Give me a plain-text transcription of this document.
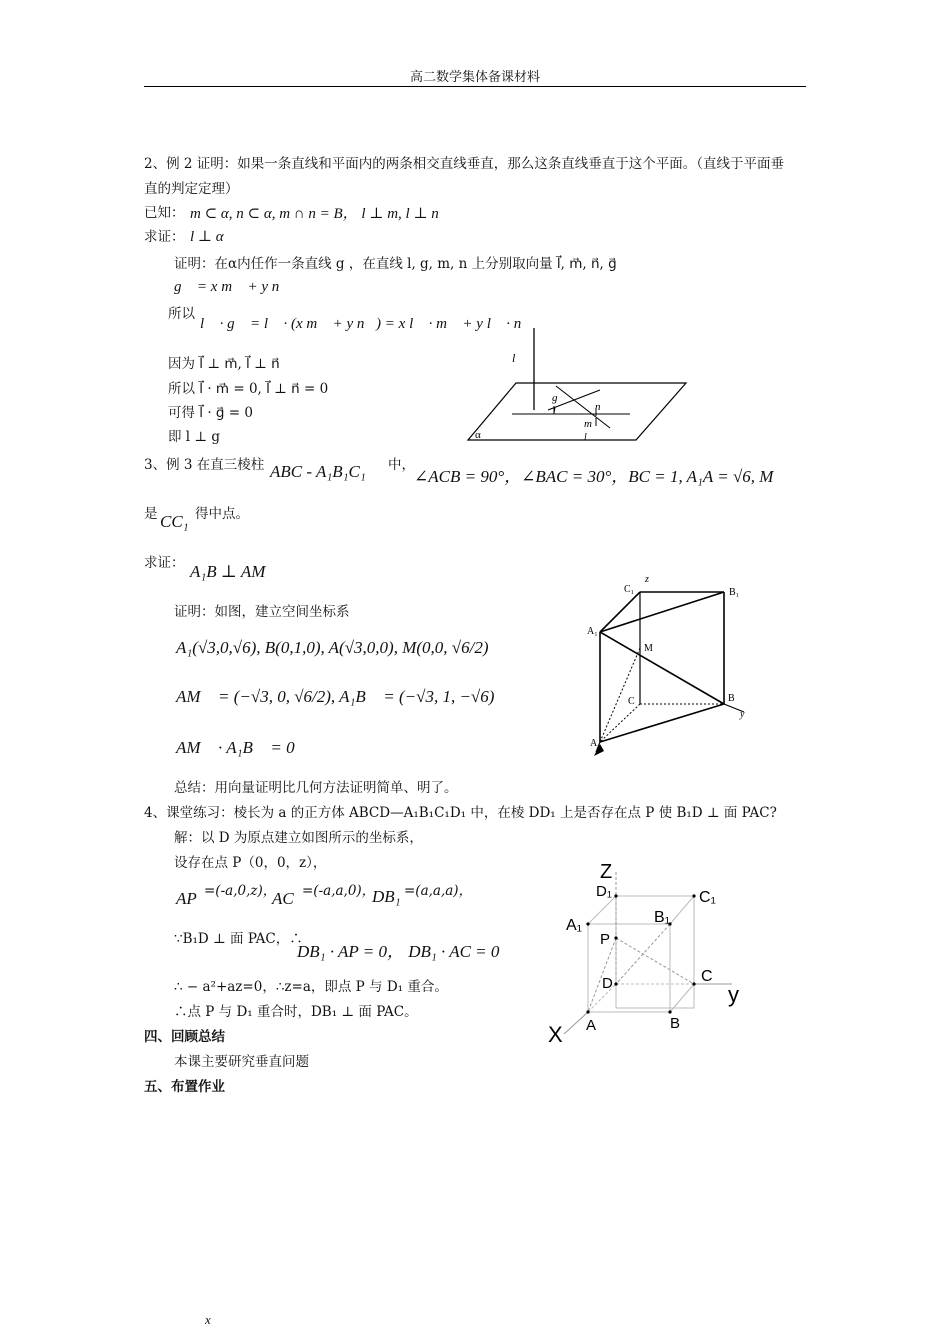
高二数学集体备课材料
2、例 2 证明：如果一条直线和平面内的两条相交直线垂直，那么这条直线垂直于这个平面。（直线于平面垂
直的判定定理）
已知： m ⊂ α, n ⊂ α, m ∩ n = B， l ⊥ m, l ⊥ n
求证： l ⊥ α
证明：在α内任作一条直线 g ，在直线 l, g, m, n 上分别取向量 l⃗, m⃗, n⃗, g⃗
g⃗ = x m⃗ + y n⃗
所以
l⃗ · g⃗ = l⃗ · (x m⃗ + y n⃗) = x l⃗ · m⃗ + y l⃗ · n⃗
因为 l⃗ ⊥ m⃗, l⃗ ⊥ n⃗
所以 l⃗ · m⃗ = 0, l⃗ ⊥ n⃗ = 0
可得 l⃗ · g⃗ = 0
即 l ⊥ g
l
g
l	n
m
l
α
3、例 3 在直三棱柱 ABC - A₁B₁C₁ 中，
∠ACB = 90°，∠BAC = 30°，BC = 1, A₁A = √6, M
是 CC₁ 得中点。
求证： A₁B ⊥ AM
证明：如图，建立空间坐标系
A₁(√3,0,√6), B(0,1,0), A(√3,0,0), M(0,0, √6/2)
AM⃗ = (−√3, 0, √6/2), A₁B⃗ = (−√3, 1, −√6)
AM⃗ · A₁B⃗ = 0
总结：用向量证明比几何方法证明简单、明了。
C₁
z
B₁
A₁
M
C	B
y
A
4、课堂练习：棱长为 a 的正方体 ABCD—A₁B₁C₁D₁ 中，在棱 DD₁ 上是否存在点 P 使 B₁D ⊥ 面 PAC?
解：以 D 为原点建立如图所示的坐标系，
设存在点 P（0，0，z），
AP =(-a,0,z)，
AC =(-a,a,0)，
DB₁ =(a,a,a)，
∵B₁D ⊥ 面 PAC，∴
DB₁ · AP = 0， DB₁ · AC = 0
∴ − a²+az=0，∴z=a，即点 P 与 D₁ 重合。
∴点 P 与 D₁ 重合时，DB₁ ⊥ 面 PAC。
Z
D₁	C₁
A₁	B₁
P
D	C
y
X A	B
四、回顾总结
本课主要研究垂直问题
五、布置作业
x
